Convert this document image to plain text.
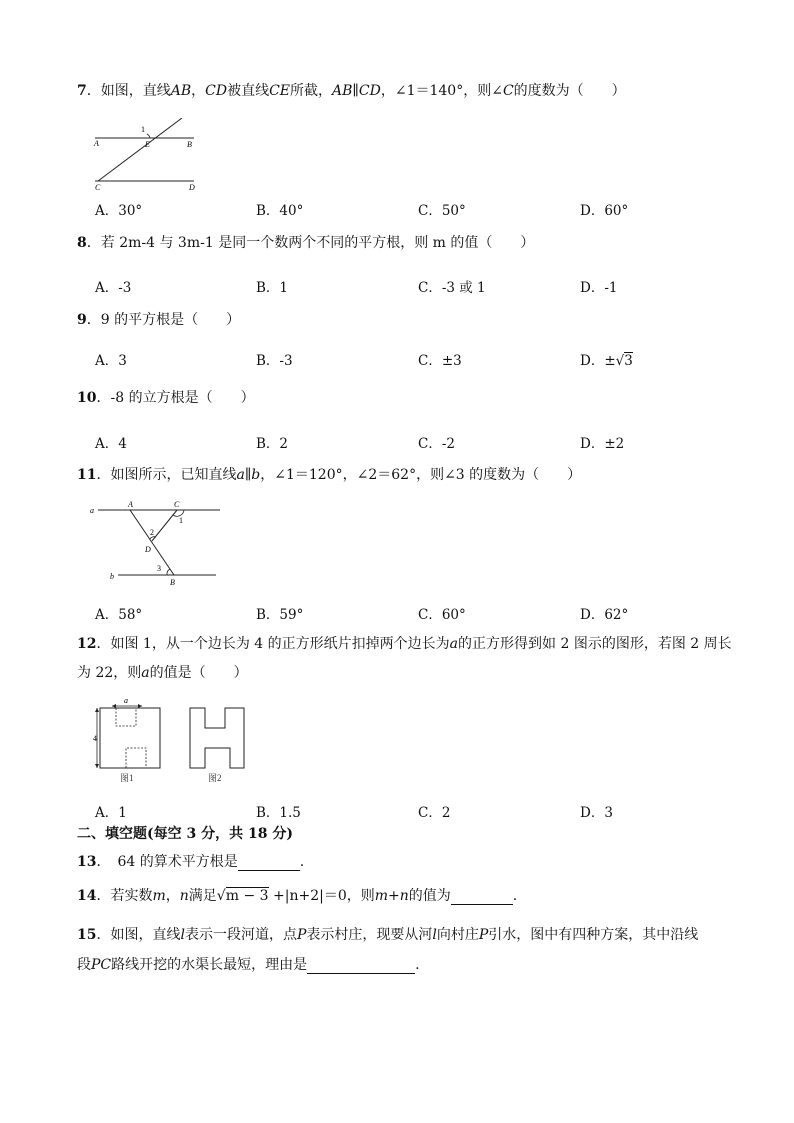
7．如图，直线AB，CD被直线CE所截，AB∥CD，∠1＝140°，则∠C的度数为（　　）
1
A	E	B
C	D
A．30°	B．40°	C．50°	D．60°
8．若 2m-4 与 3m-1 是同一个数两个不同的平方根，则 m 的值（　　）
A．-3	B．1	C．-3 或 1	D．-1
9．9 的平方根是（　　）
A．3	B．-3	C．±3	D．±√3
10．-8 的立方根是（　　）
A．4	B．2	C．-2	D．±2
11．如图所示，已知直线a∥b，∠1＝120°，∠2＝62°，则∠3 的度数为（　　）
a
b
A	C
1
2
D
3
B
A．58°	B．59°	C．60°	D．62°
12．如图 1，从一个边长为 4 的正方形纸片扣掉两个边长为a的正方形得到如 2 图示的图形，若图 2 周长
为 22，则a的值是（　　）
a
4
图1	图2
A．1	B．1.5	C．2	D．3
二、填空题(每空 3 分，共 18 分)
13．　64 的算术平方根是	.
14．若实数m，n满足√m − 3 +|n+2|＝0，则m+n的值为	.
15．如图，直线l表示一段河道，点P表示村庄，现要从河l向村庄P引水，图中有四种方案，其中沿线
段PC路线开挖的水渠长最短，理由是	.
